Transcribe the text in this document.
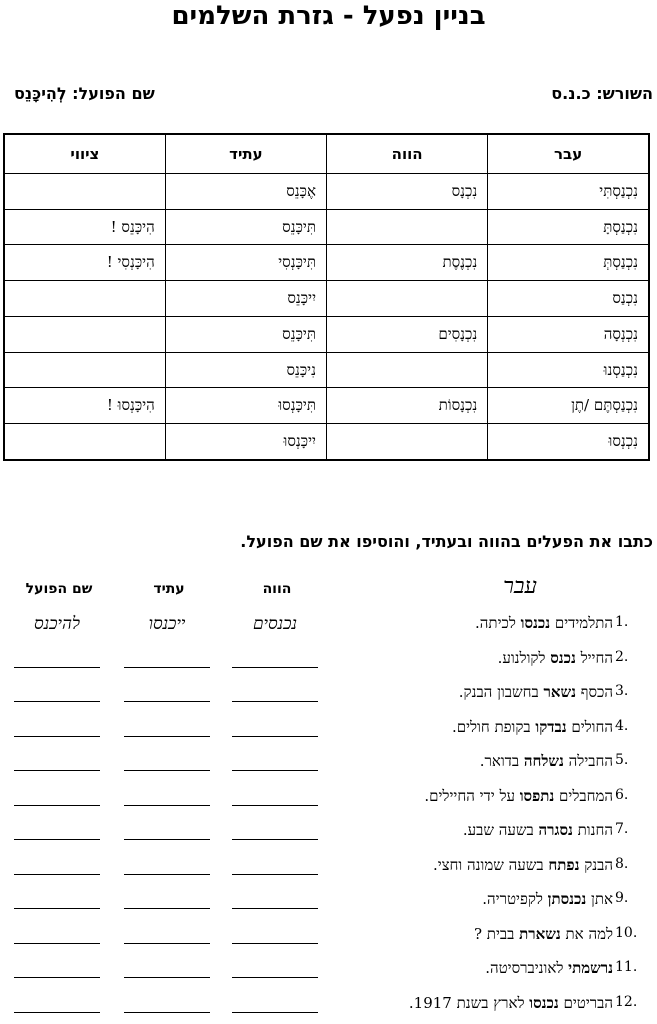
בניין נפעל - גזרת השלמים
השורש: כ.נ.ס
שם הפועל: לְהִיכָּנֵס
עבר	הווה	עתיד	ציווי
נִכְנַסְתִּי	נִכְנָס	אֶכָּנֵס	
נִכְנַסְתָּ		תִּיכָּנֵס	הִיכָּנֵס !
נִכְנַסְתְּ	נִכְנֶסֶת	תִּיכָּנְסִי	הִיכָּנְסִי !
נִכְנַס		יִיכָּנֵס	
נִכְנְסָה	נִכְנָסִים	תִּיכָּנֵס	
נִכְנַסְנוּ		נִיכָּנֵס	
נִכְנַסְתֶּם /תֶן	נִכְנָסוֹת	תִּיכָּנְסוּ	הִיכָּנְסוּ !
נִכְנְסוּ		יִיכָּנְסוּ	
כתבו את הפעלים בהווה ובעתיד, והוסיפו את שם הפועל.
עבר
הווה
עתיד
שם הפועל
1.
התלמידים נכנסו לכיתה.
נכנסים
ייכנסו
להיכנס
2.
החייל נכנס לקולנוע.
3.
הכסף נשאר בחשבון הבנק.
4.
החולים נבדקו בקופת חולים.
5.
החבילה נשלחה בדואר.
6.
המחבלים נתפסו על ידי החיילים.
7.
החנות נסגרה בשעה שבע.
8.
הבנק נפתח בשעה שמונה וחצי.
9.
אתן נכנסתן לקפיטריה.
10.
למה את נשארת בבית ?
11.
נרשמתי לאוניברסיטה.
12.
הבריטים נכנסו לארץ בשנת 1917.
